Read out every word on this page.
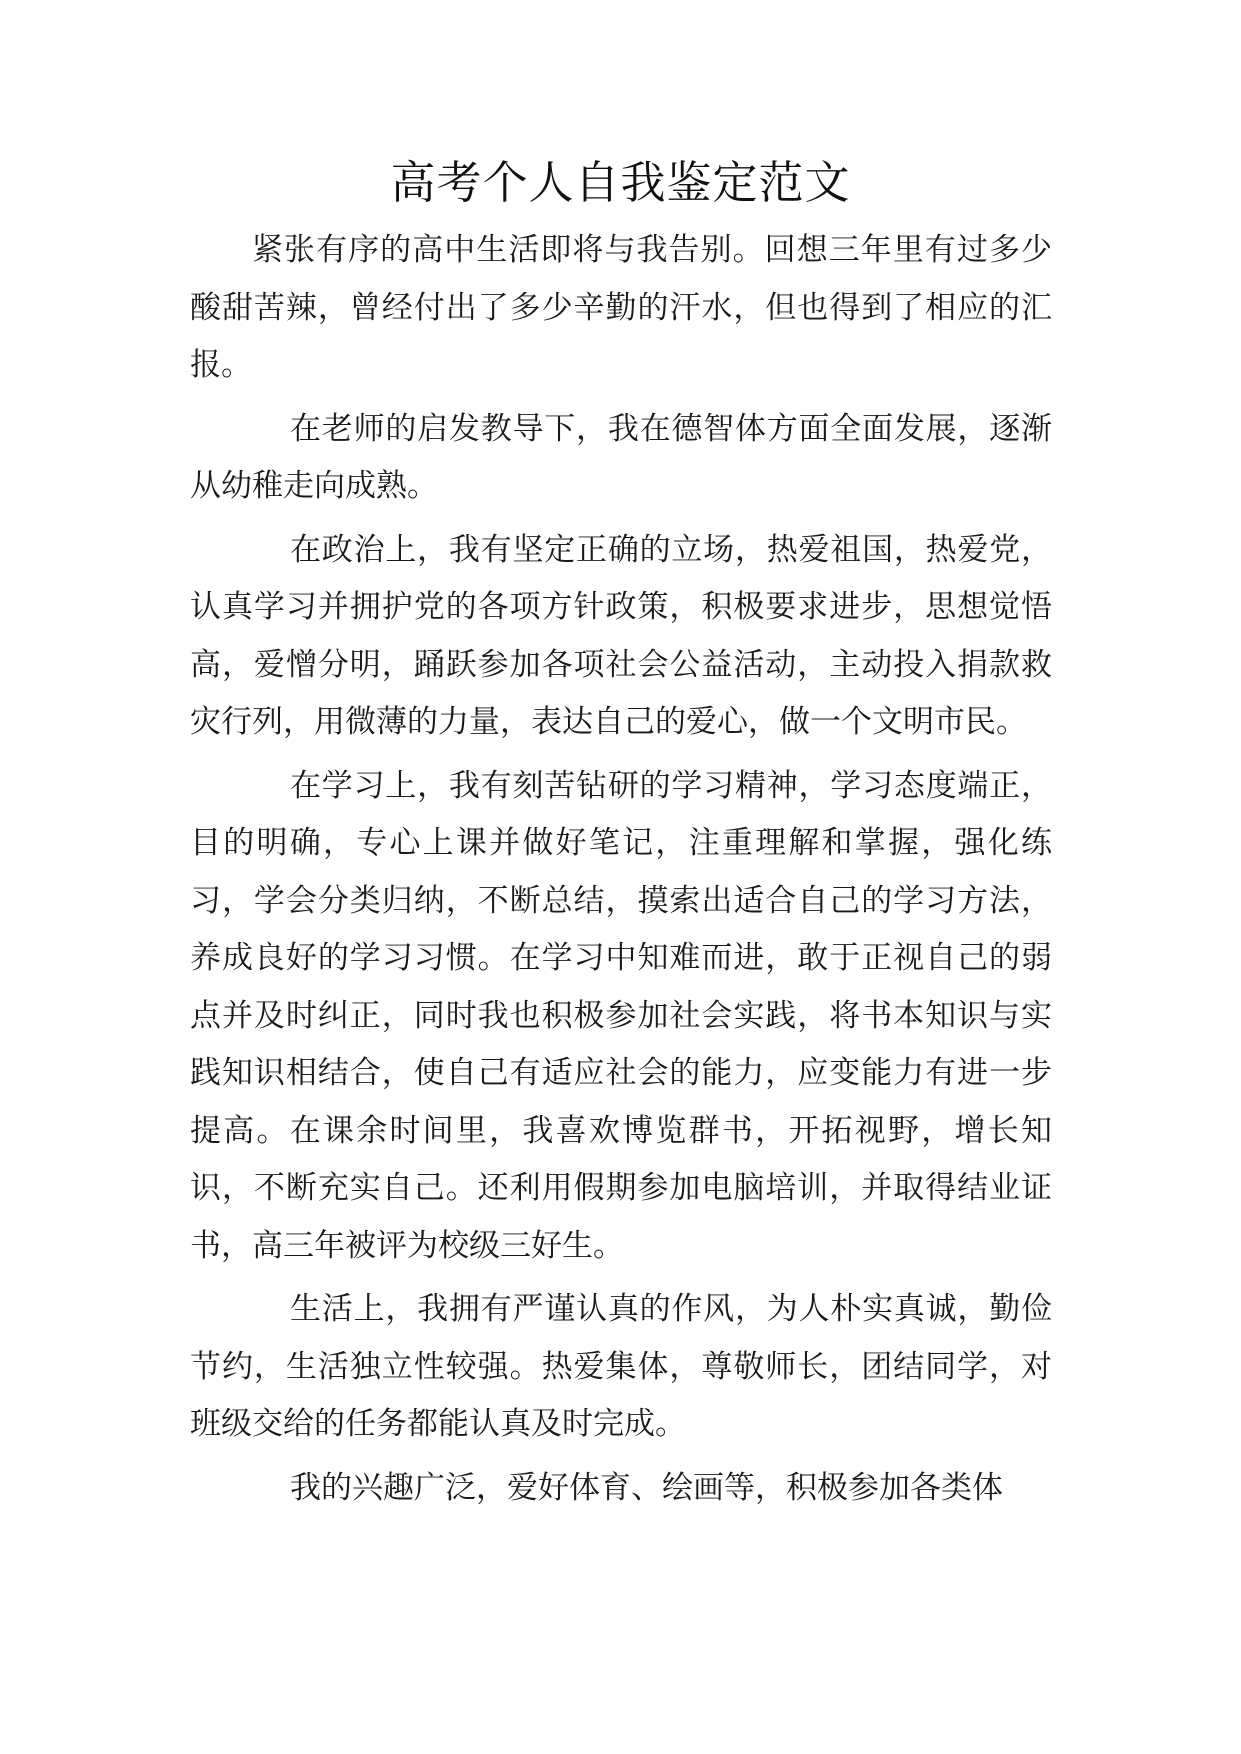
高考个人自我鉴定范文

紧张有序的高中生活即将与我告别。回想三年里有过多少酸甜苦辣，曾经付出了多少辛勤的汗水，但也得到了相应的汇报。

在老师的启发教导下，我在德智体方面全面发展，逐渐从幼稚走向成熟。

在政治上，我有坚定正确的立场，热爱祖国，热爱党，认真学习并拥护党的各项方针政策，积极要求进步，思想觉悟高，爱憎分明，踊跃参加各项社会公益活动，主动投入捐款救灾行列，用微薄的力量，表达自己的爱心，做一个文明市民。

在学习上，我有刻苦钻研的学习精神，学习态度端正，目的明确，专心上课并做好笔记，注重理解和掌握，强化练习，学会分类归纳，不断总结，摸索出适合自己的学习方法，养成良好的学习习惯。在学习中知难而进，敢于正视自己的弱点并及时纠正，同时我也积极参加社会实践，将书本知识与实践知识相结合，使自己有适应社会的能力，应变能力有进一步提高。在课余时间里，我喜欢博览群书，开拓视野，增长知识，不断充实自己。还利用假期参加电脑培训，并取得结业证书，高三年被评为校级三好生。

生活上，我拥有严谨认真的作风，为人朴实真诚，勤俭节约，生活独立性较强。热爱集体，尊敬师长，团结同学，对班级交给的任务都能认真及时完成。

我的兴趣广泛，爱好体育、绘画等，积极参加各类体
